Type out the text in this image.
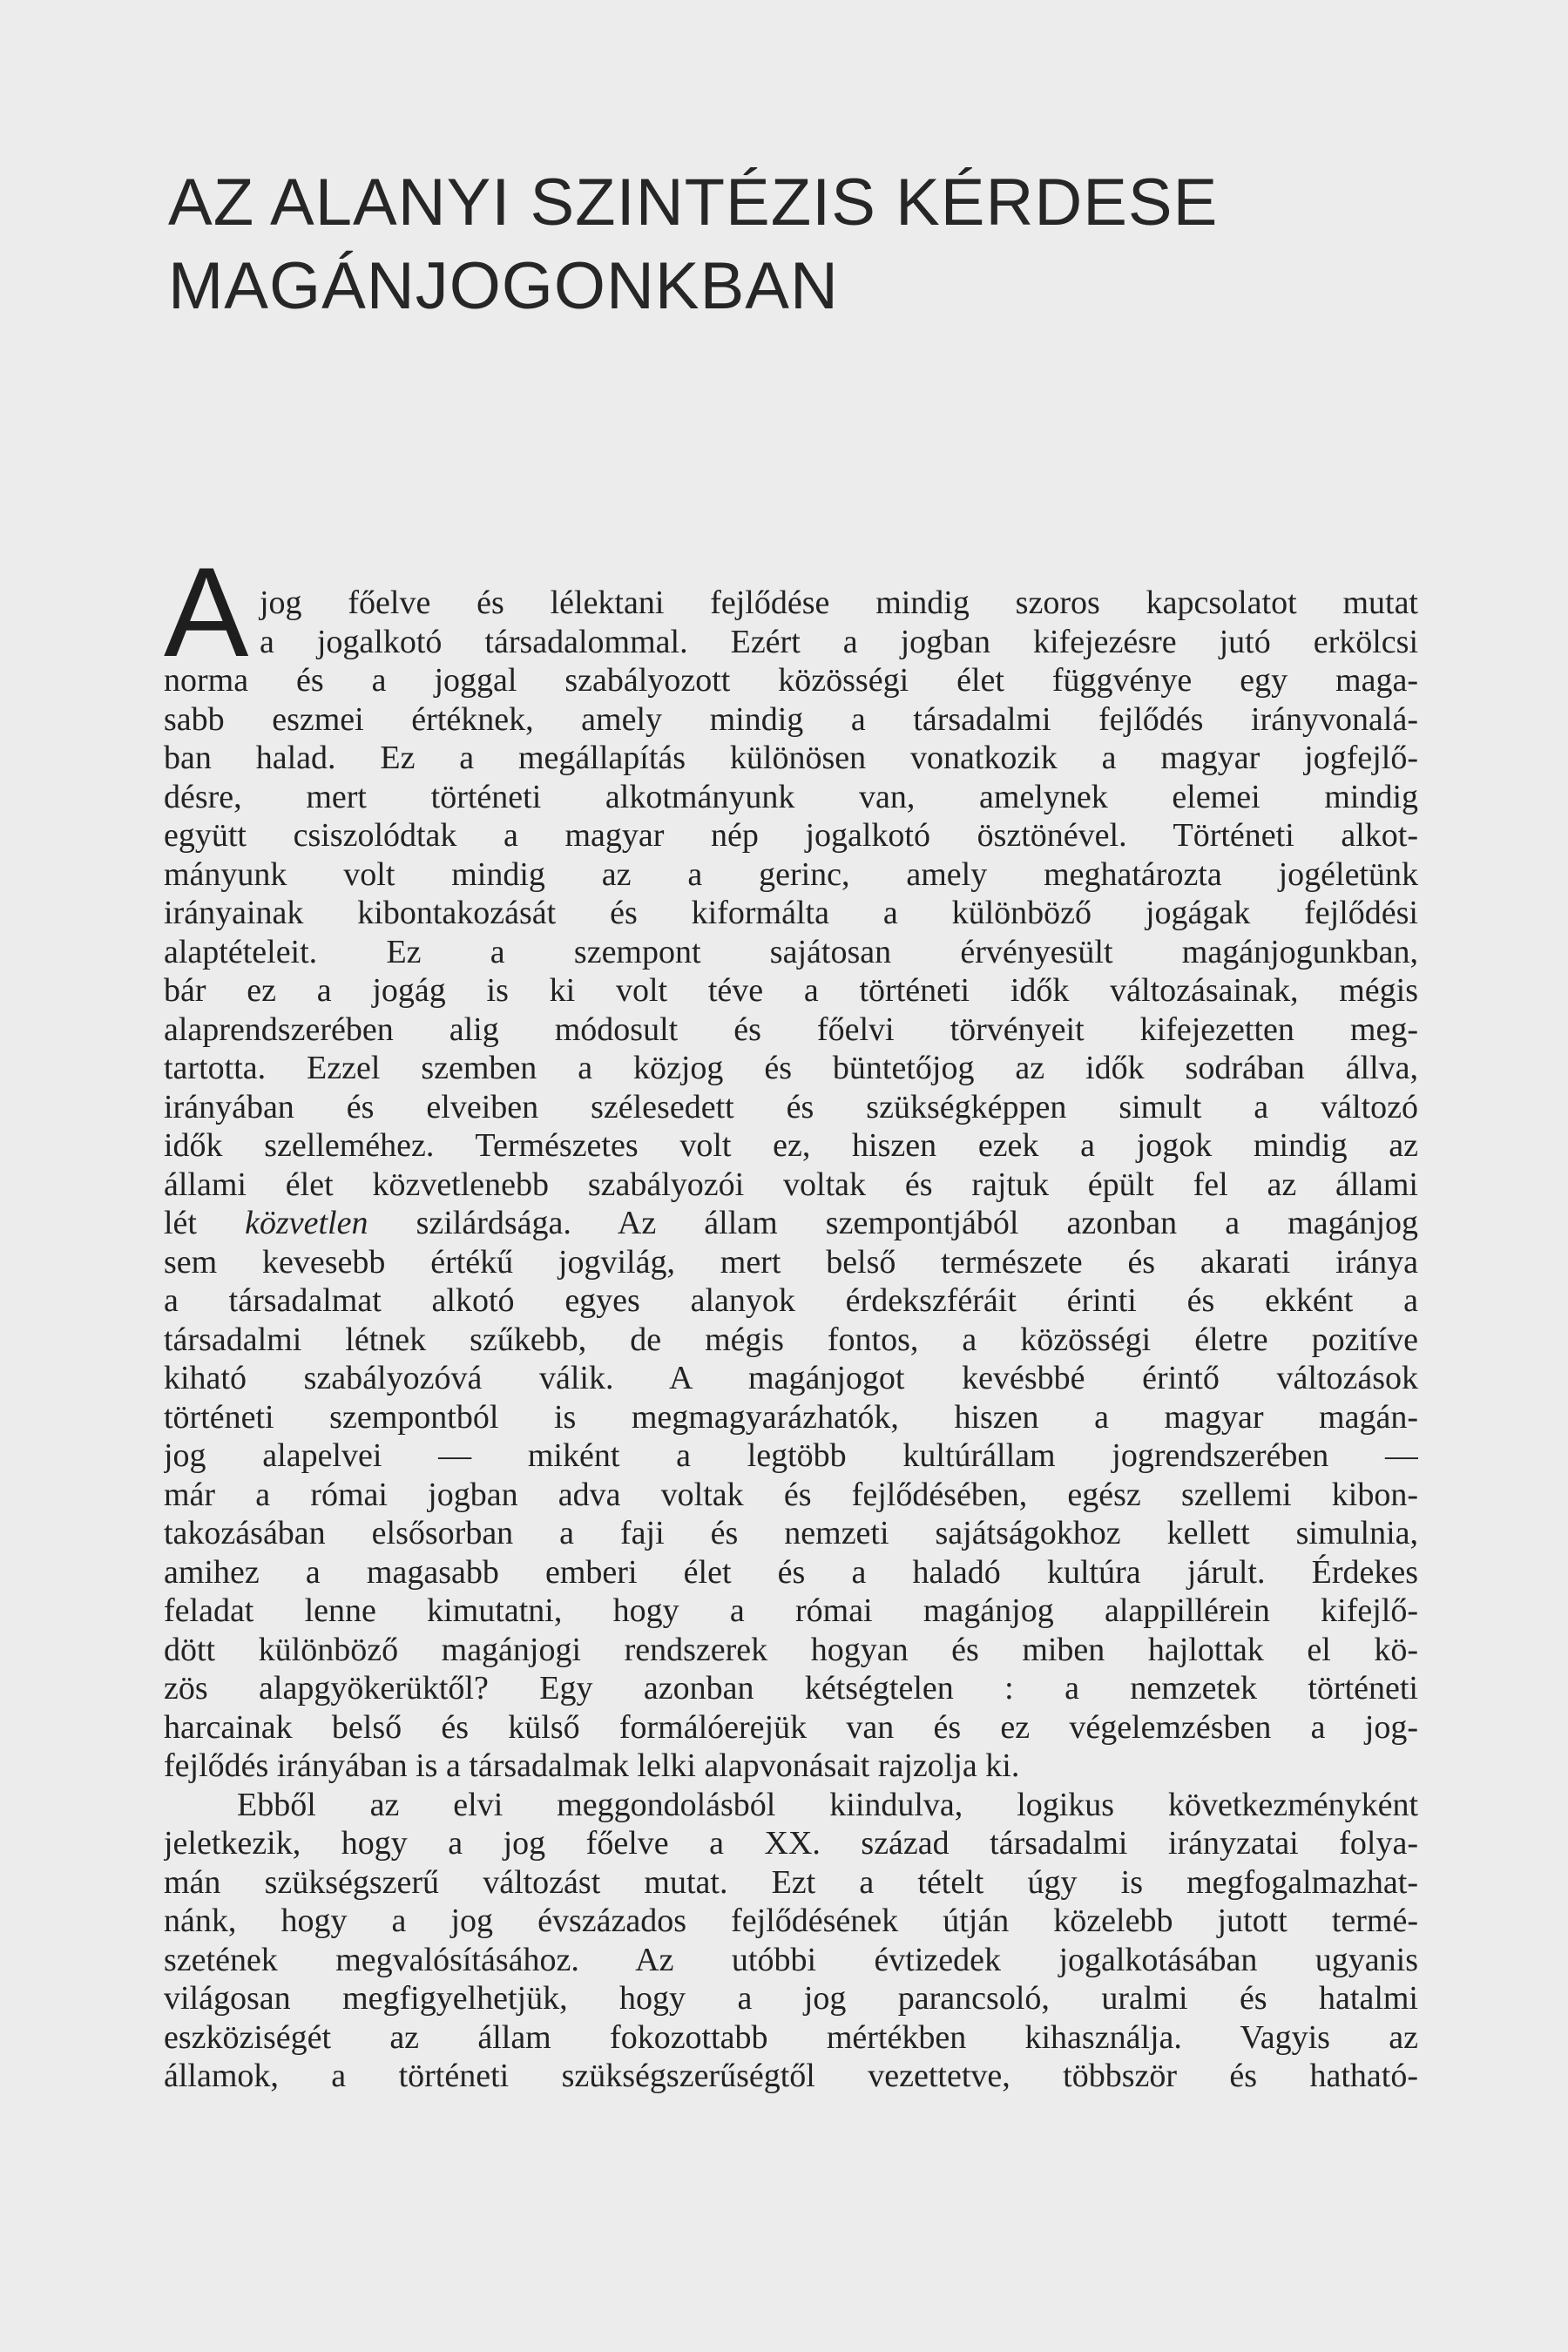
AZ ALANYI SZINTÉZIS KÉRDESE
MAGÁNJOGONKBAN
A jog főelve és lélektani fejlődése mindig szoros kapcsolatot mutat
a jogalkotó társadalommal. Ezért a jogban kifejezésre jutó erkölcsi
norma és a joggal szabályozott közösségi élet függvénye egy maga-
sabb eszmei értéknek, amely mindig a társadalmi fejlődés irányvonalá-
ban halad. Ez a megállapítás különösen vonatkozik a magyar jogfejlő-
désre, mert történeti alkotmányunk van, amelynek elemei mindig
együtt csiszolódtak a magyar nép jogalkotó ösztönével. Történeti alkot-
mányunk volt mindig az a gerinc, amely meghatározta jogéletünk
irányainak kibontakozását és kiformálta a különböző jogágak fejlődési
alaptételeit. Ez a szempont sajátosan érvényesült magánjogunkban,
bár ez a jogág is ki volt téve a történeti idők változásainak, mégis
alaprendszerében alig módosult és főelvi törvényeit kifejezetten meg-
tartotta. Ezzel szemben a közjog és büntetőjog az idők sodrában állva,
irányában és elveiben szélesedett és szükségképpen simult a változó
idők szelleméhez. Természetes volt ez, hiszen ezek a jogok mindig az
állami élet közvetlenebb szabályozói voltak és rajtuk épült fel az állami
lét közvetlen szilárdsága. Az állam szempontjából azonban a magánjog
sem kevesebb értékű jogvilág, mert belső természete és akarati iránya
a társadalmat alkotó egyes alanyok érdekszféráit érinti és ekként a
társadalmi létnek szűkebb, de mégis fontos, a közösségi életre pozitíve
kiható szabályozóvá válik. A magánjogot kevésbbé érintő változások
történeti szempontból is megmagyarázhatók, hiszen a magyar magán-
jog alapelvei — miként a legtöbb kultúrállam jogrendszerében —
már a római jogban adva voltak és fejlődésében, egész szellemi kibon-
takozásában elsősorban a faji és nemzeti sajátságokhoz kellett simulnia,
amihez a magasabb emberi élet és a haladó kultúra járult. Érdekes
feladat lenne kimutatni, hogy a római magánjog alappillérein kifejlő-
dött különböző magánjogi rendszerek hogyan és miben hajlottak el kö-
zös alapgyökerüktől? Egy azonban kétségtelen : a nemzetek történeti
harcainak belső és külső formálóerejük van és ez végelemzésben a jog-
fejlődés irányában is a társadalmak lelki alapvonásait rajzolja ki.
Ebből az elvi meggondolásból kiindulva, logikus következményként
jeletkezik, hogy a jog főelve a XX. század társadalmi irányzatai folya-
mán szükségszerű változást mutat. Ezt a tételt úgy is megfogalmazhat-
nánk, hogy a jog évszázados fejlődésének útján közelebb jutott termé-
szetének megvalósításához. Az utóbbi évtizedek jogalkotásában ugyanis
világosan megfigyelhetjük, hogy a jog parancsoló, uralmi és hatalmi
eszköziségét az állam fokozottabb mértékben kihasználja. Vagyis az
államok, a történeti szükségszerűségtől vezettetve, többször és hatható-
